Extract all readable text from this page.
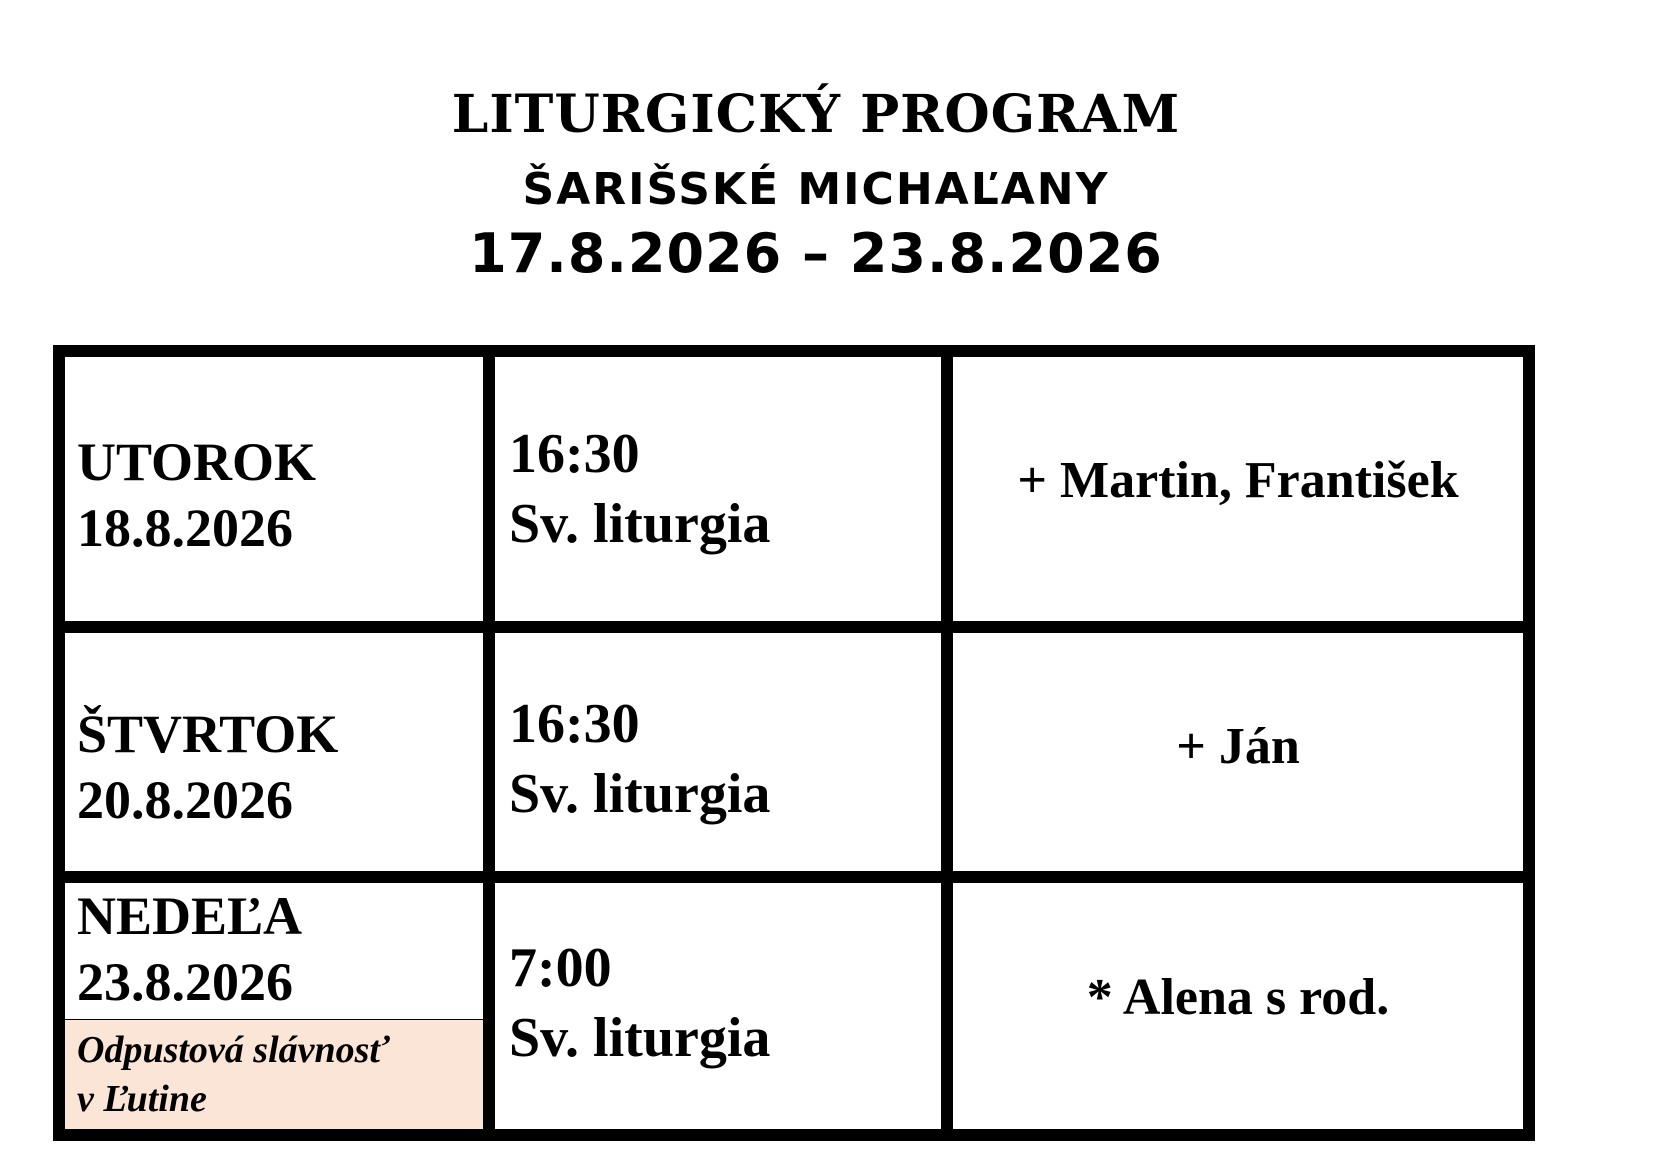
LITURGICKÝ PROGRAM
ŠARIŠSKÉ MICHAĽANY
17.8.2026 – 23.8.2026
UTOROK
18.8.2026
16:30
Sv. liturgia
+ Martin, František
ŠTVRTOK
20.8.2026
16:30
Sv. liturgia
+ Ján
NEDEĽA
23.8.2026
Odpustová slávnosť
v Ľutine
7:00
Sv. liturgia
* Alena s rod.
